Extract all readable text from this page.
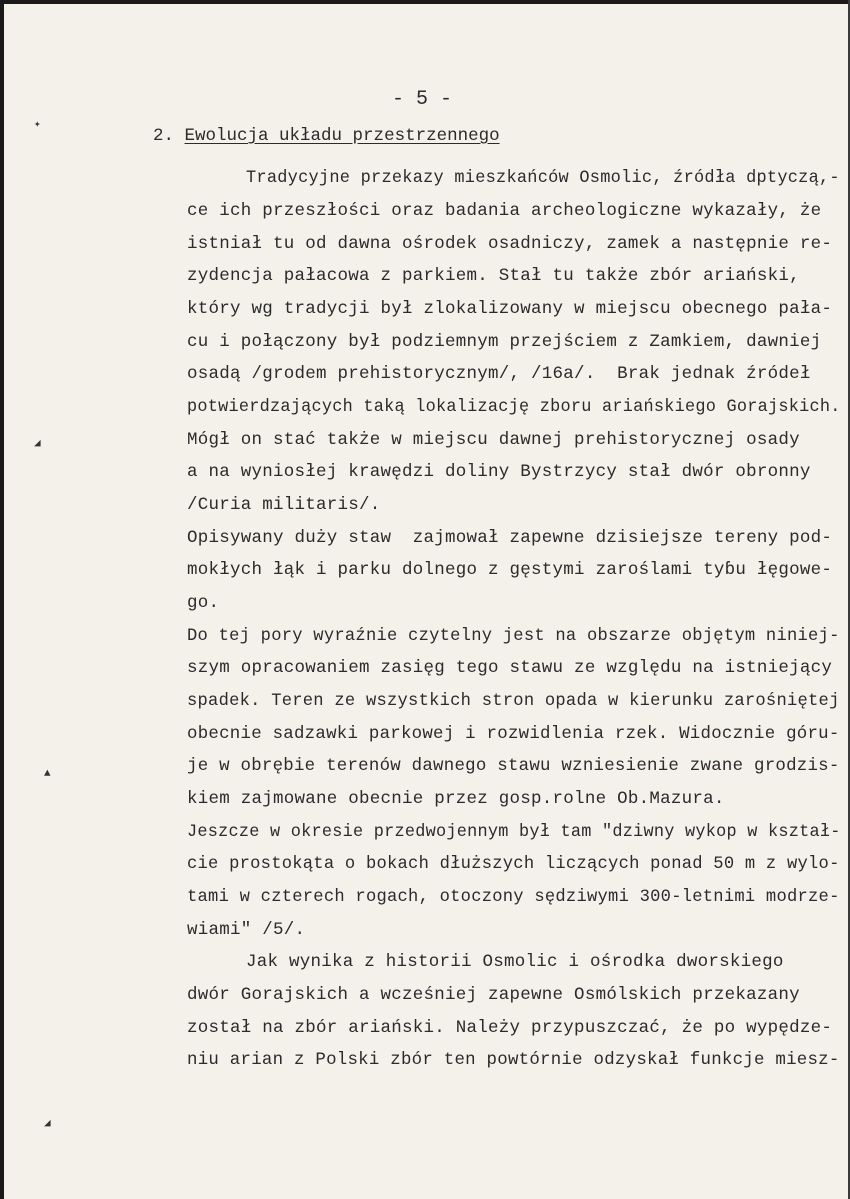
✦
◢
▲
◢
- 5 -
2. Ewolucja układu przestrzennego
Tradycyjne przekazy mieszkańców Osmolic, źródła dptyczą,-
ce ich przeszłości oraz badania archeologiczne wykazały, że
istniał tu od dawna ośrodek osadniczy, zamek a następnie re-
zydencja pałacowa z parkiem. Stał tu także zbór ariański,
który wg tradycji był zlokalizowany w miejscu obecnego pała-
cu i połączony był podziemnym przejściem z Zamkiem, dawniej
osadą /grodem prehistorycznym/, /16a/.  Brak jednak źródeł
potwierdzających taką lokalizację zboru ariańskiego Gorajskich.
Mógł on stać także w miejscu dawnej prehistorycznej osady
a na wyniosłej krawędzi doliny Bystrzycy stał dwór obronny
/Curia militaris/.
Opisywany duży staw  zajmował zapewne dzisiejsze tereny pod-
mokłych łąk i parku dolnego z gęstymi zaroślami tyɓu łęgowe-
go.
Do tej pory wyraźnie czytelny jest na obszarze objętym niniej-
szym opracowaniem zasięg tego stawu ze względu na istniejący
spadek. Teren ze wszystkich stron opada w kierunku zarośniętej
obecnie sadzawki parkowej i rozwidlenia rzek. Widocznie góru-
je w obrębie terenów dawnego stawu wzniesienie zwane grodzis-
kiem zajmowane obecnie przez gosp.rolne Ob.Mazura.
Jeszcze w okresie przedwojennym był tam "dziwny wykop w kształ-
cie prostokąta o bokach dłuższych liczących ponad 50 m z wylo-
tami w czterech rogach, otoczony sędziwymi 300-letnimi modrze-
wiami" /5/.
Jak wynika z historii Osmolic i ośrodka dworskiego
dwór Gorajskich a wcześniej zapewne Osmólskich przekazany
został na zbór ariański. Należy przypuszczać, że po wypędze-
niu arian z Polski zbór ten powtórnie odzyskał funkcje miesz-
